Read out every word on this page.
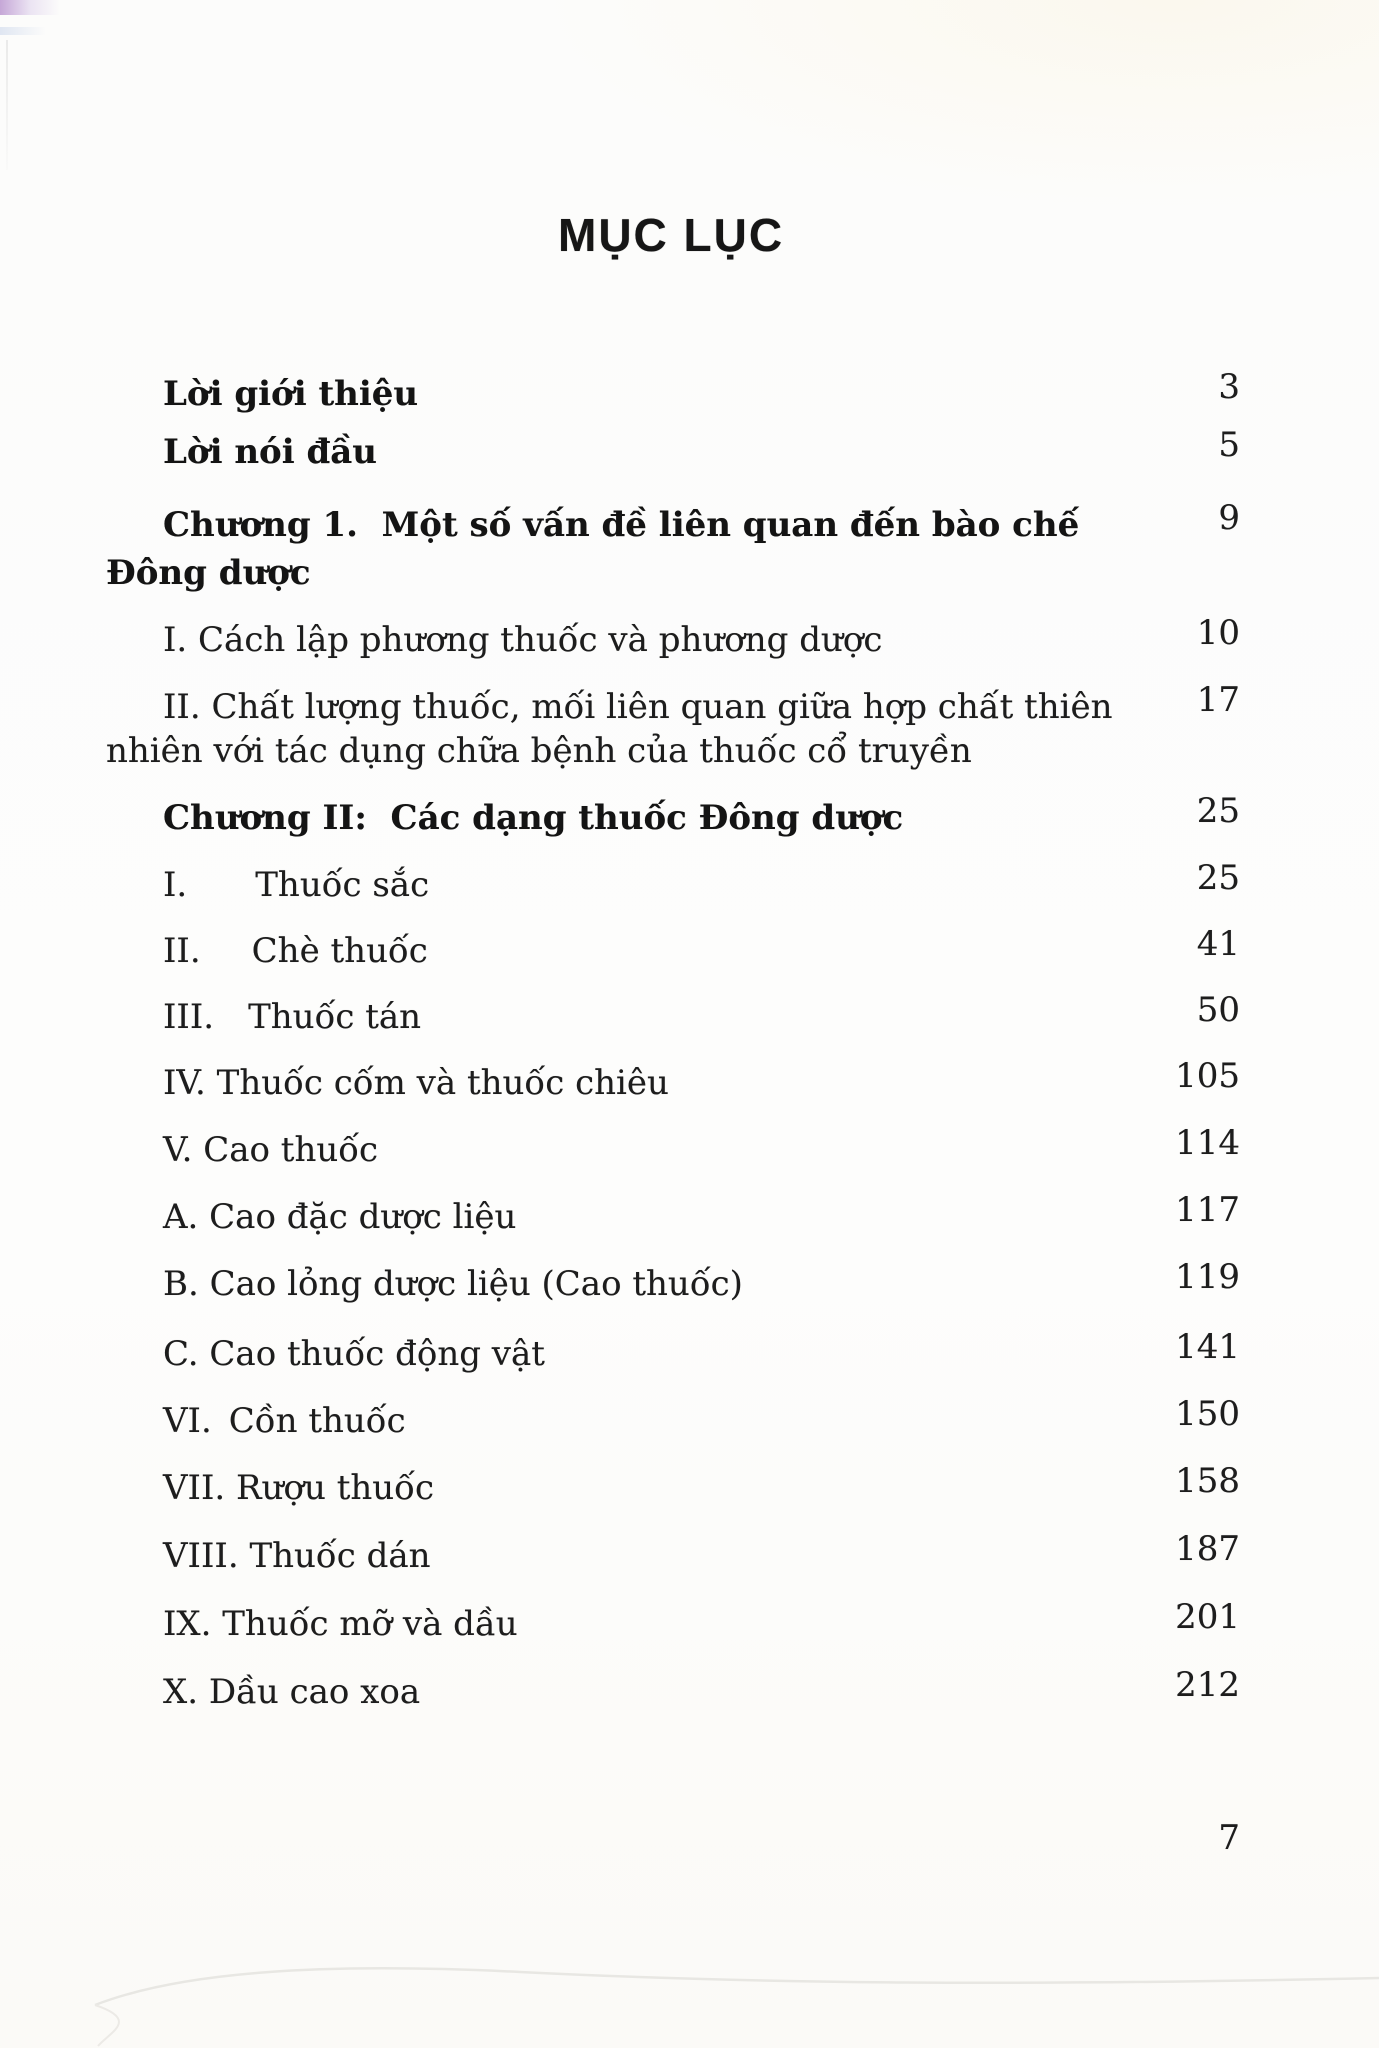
MỤC LỤC
3
Lời giới thiệu
5
Lời nói đầu
9
Chương 1.  Một số vấn đề liên quan đến bào chế
Đông dược
10
I. Cách lập phương thuốc và phương dược
17
II. Chất lượng thuốc, mối liên quan giữa hợp chất thiên
nhiên với tác dụng chữa bệnh của thuốc cổ truyền
25
Chương II:  Các dạng thuốc Đông dược
25
I.    Thuốc sắc
41
II.   Chè thuốc
50
III.  Thuốc tán
105
IV. Thuốc cốm và thuốc chiêu
114
V. Cao thuốc
117
A. Cao đặc dược liệu
119
B. Cao lỏng dược liệu (Cao thuốc)
141
C. Cao thuốc động vật
150
VI. Cồn thuốc
158
VII. Rượu thuốc
187
VIII. Thuốc dán
201
IX. Thuốc mỡ và dầu
212
X. Dầu cao xoa
7
